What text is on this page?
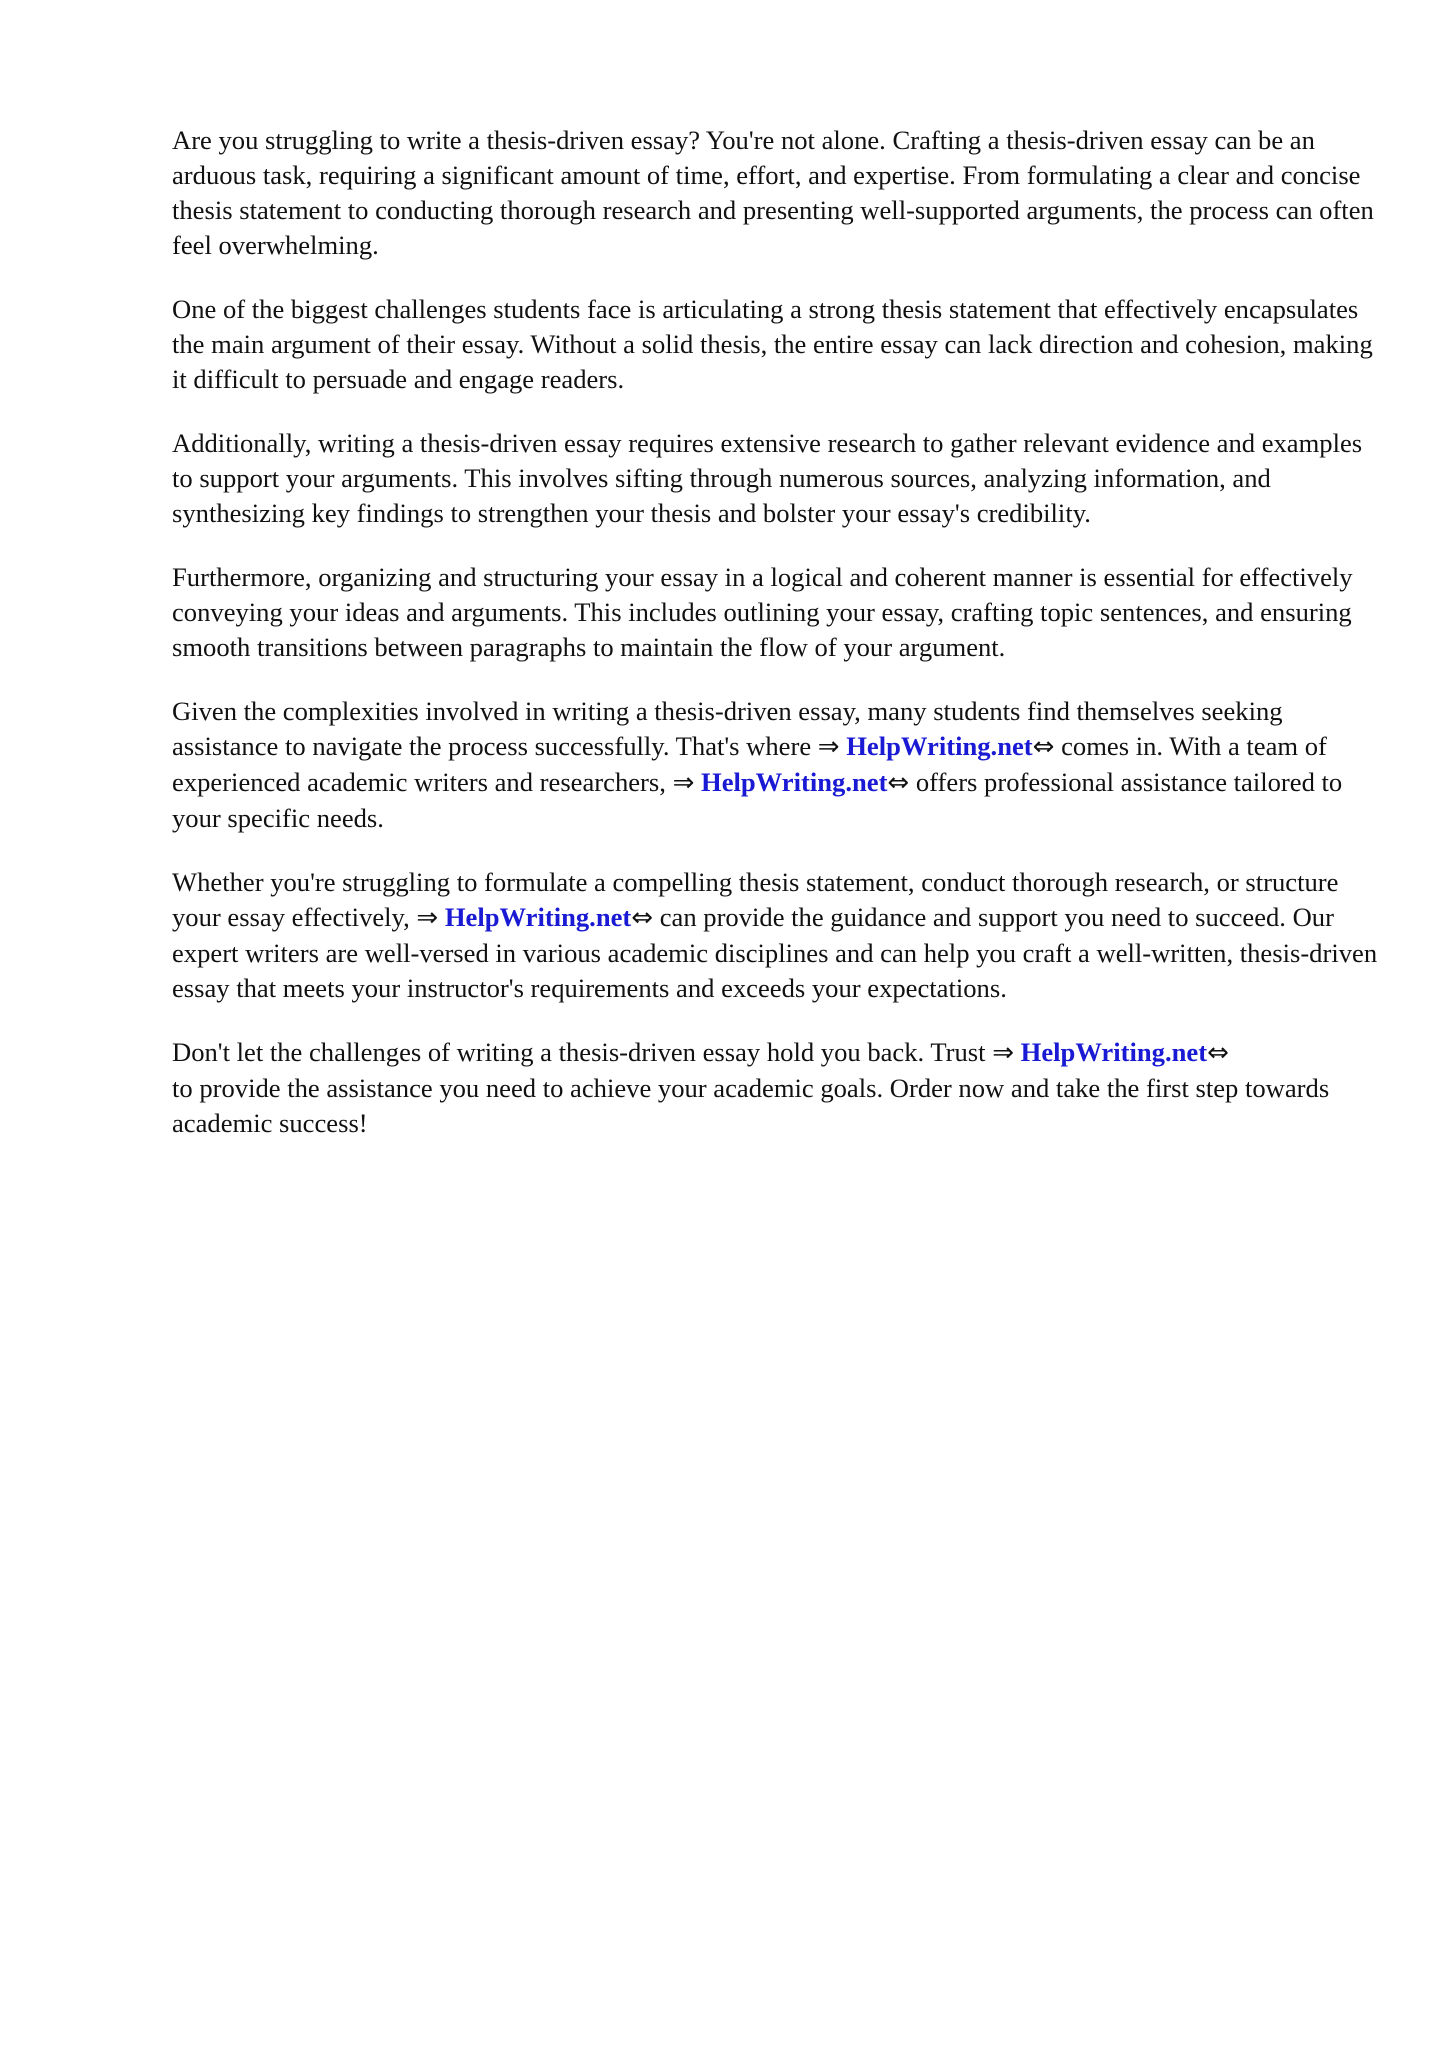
Are you struggling to write a thesis-driven essay? You're not alone. Crafting a thesis-driven essay can be an arduous task, requiring a significant amount of time, effort, and expertise. From formulating a clear and concise thesis statement to conducting thorough research and presenting well-supported arguments, the process can often feel overwhelming.

One of the biggest challenges students face is articulating a strong thesis statement that effectively encapsulates the main argument of their essay. Without a solid thesis, the entire essay can lack direction and cohesion, making it difficult to persuade and engage readers.

Additionally, writing a thesis-driven essay requires extensive research to gather relevant evidence and examples to support your arguments. This involves sifting through numerous sources, analyzing information, and synthesizing key findings to strengthen your thesis and bolster your essay's credibility.

Furthermore, organizing and structuring your essay in a logical and coherent manner is essential for effectively conveying your ideas and arguments. This includes outlining your essay, crafting topic sentences, and ensuring smooth transitions between paragraphs to maintain the flow of your argument.

Given the complexities involved in writing a thesis-driven essay, many students find themselves seeking assistance to navigate the process successfully. That's where ⇒ HelpWriting.net⇔ comes in. With a team of experienced academic writers and researchers, ⇒ HelpWriting.net⇔ offers professional assistance tailored to your specific needs.

Whether you're struggling to formulate a compelling thesis statement, conduct thorough research, or structure your essay effectively, ⇒ HelpWriting.net⇔ can provide the guidance and support you need to succeed. Our expert writers are well-versed in various academic disciplines and can help you craft a well-written, thesis-driven essay that meets your instructor's requirements and exceeds your expectations.

Don't let the challenges of writing a thesis-driven essay hold you back. Trust ⇒ HelpWriting.net⇔
to provide the assistance you need to achieve your academic goals. Order now and take the first step towards academic success!
